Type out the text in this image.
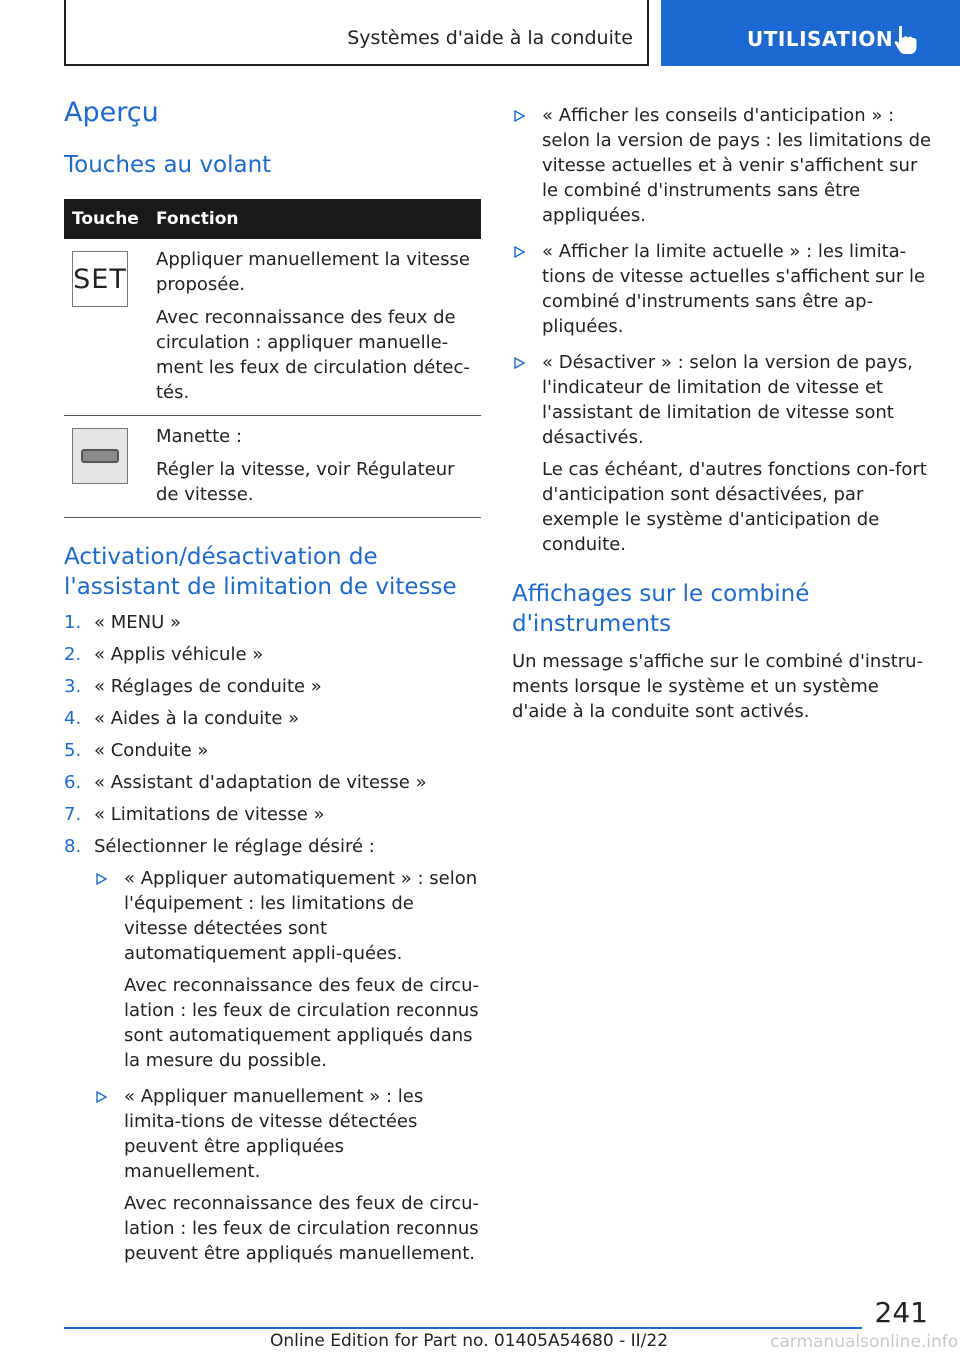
Systèmes d'aide à la conduite	UTILISATION
Aperçu
Touches au volant
Touche	Fonction

SET	Appliquer manuellement la vitesse proposée.

Avec reconnaissance des feux de circulation : appliquer manuelle-ment les feux de circulation détec-tés.

	Manette :

Régler la vitesse, voir Régulateur de vitesse.

Activation/désactivation de l'assistant de limitation de vitesse
1. « MENU »
2. « Applis véhicule »
3. « Réglages de conduite »
4. « Aides à la conduite »
5. « Conduite »
6. « Assistant d'adaptation de vitesse »
7. « Limitations de vitesse »
8. Sélectionner le réglage désiré :

« Appliquer automatiquement » : selon l'équipement : les limitations de vitesse détectées sont automatiquement appli-quées.

Avec reconnaissance des feux de circu-lation : les feux de circulation reconnus sont automatiquement appliqués dans la mesure du possible.

« Appliquer manuellement » : les limita-tions de vitesse détectées peuvent être appliquées manuellement.

Avec reconnaissance des feux de circu-lation : les feux de circulation reconnus peuvent être appliqués manuellement.

« Afficher les conseils d'anticipation » : selon la version de pays : les limitations de vitesse actuelles et à venir s'affichent sur le combiné d'instruments sans être appliquées.

« Afficher la limite actuelle » : les limita-tions de vitesse actuelles s'affichent sur le combiné d'instruments sans être ap-pliquées.

« Désactiver » : selon la version de pays, l'indicateur de limitation de vitesse et l'assistant de limitation de vitesse sont désactivés.

Le cas échéant, d'autres fonctions con-fort d'anticipation sont désactivées, par exemple le système d'anticipation de conduite.

Affichages sur le combiné d'instruments

Un message s'affiche sur le combiné d'instru-ments lorsque le système et un système d'aide à la conduite sont activés.

241
Online Edition for Part no. 01405A54680 - II/22	carmanualsonline.info
